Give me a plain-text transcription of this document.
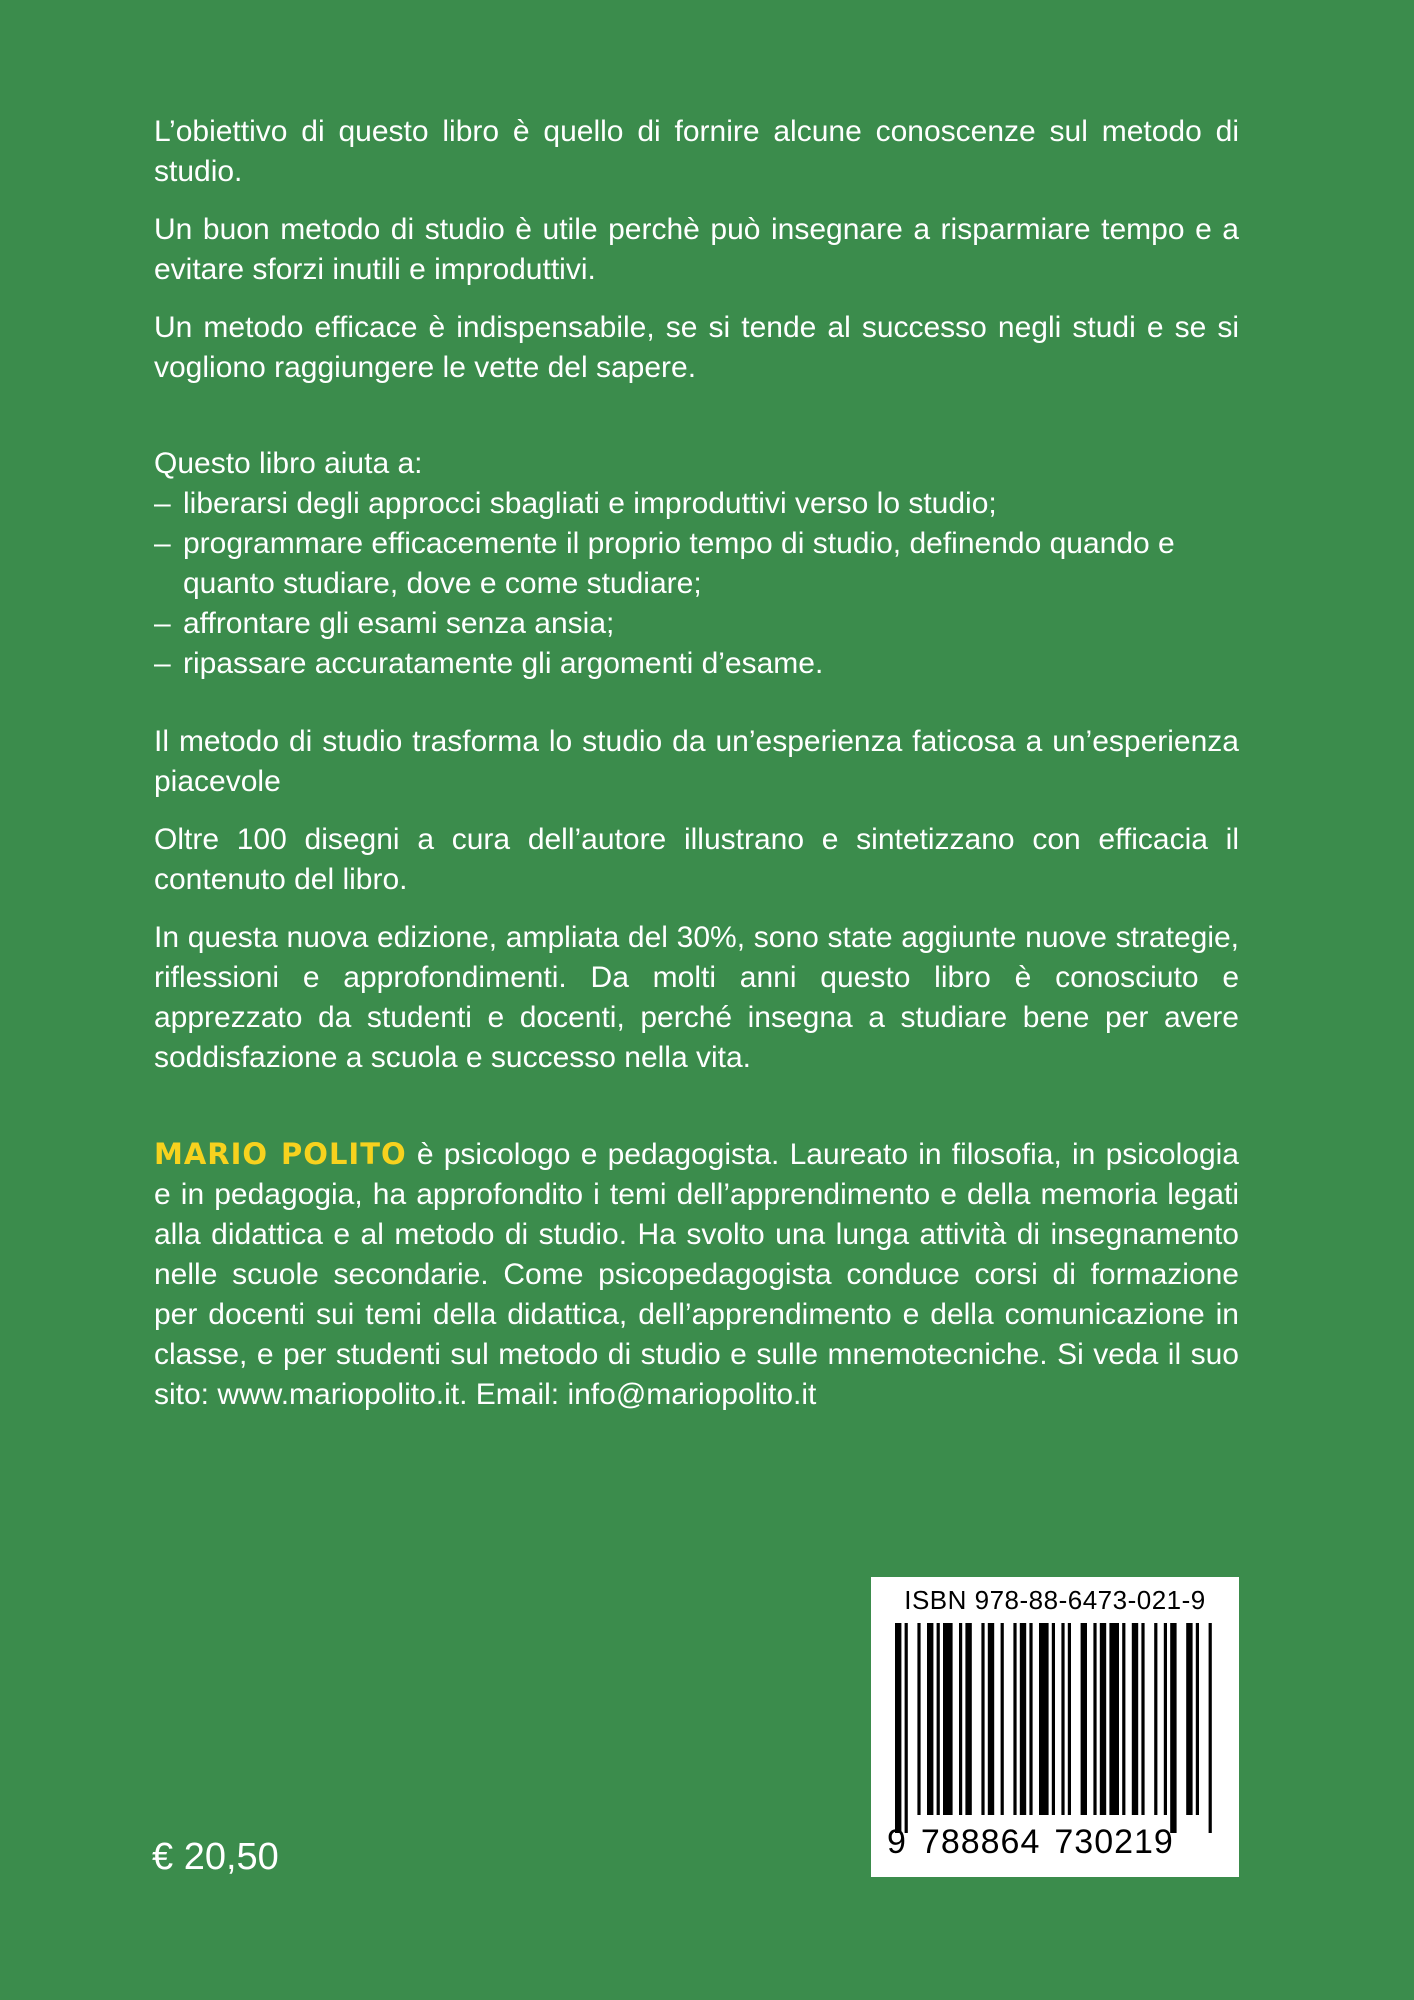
L’obiettivo di questo libro è quello di fornire alcune conoscenze sul metodo di studio.

Un buon metodo di studio è utile perchè può insegnare a risparmiare tempo e a evitare sforzi inutili e improduttivi.

Un metodo efficace è indispensabile, se si tende al successo negli studi e se si vogliono raggiungere le vette del sapere.

Questo libro aiuta a:
– liberarsi degli approcci sbagliati e improduttivi verso lo studio;
– programmare efficacemente il proprio tempo di studio, definendo quando e quanto studiare, dove e come studiare;
– affrontare gli esami senza ansia;
– ripassare accuratamente gli argomenti d’esame.

Il metodo di studio trasforma lo studio da un’esperienza faticosa a un’esperienza piacevole

Oltre 100 disegni a cura dell’autore illustrano e sintetizzano con efficacia il contenuto del libro.

In questa nuova edizione, ampliata del 30%, sono state aggiunte nuove strategie, riflessioni e approfondimenti. Da molti anni questo libro è conosciuto e apprezzato da studenti e docenti, perché insegna a studiare bene per avere soddisfazione a scuola e successo nella vita.

MARIO POLITO è psicologo e pedagogista. Laureato in filosofia, in psicologia e in pedagogia, ha approfondito i temi dell’apprendimento e della memoria legati alla didattica e al metodo di studio. Ha svolto una lunga attività di insegnamento nelle scuole secondarie. Come psicopedagogista conduce corsi di formazione per docenti sui temi della didattica, dell’apprendimento e della comunicazione in classe, e per studenti sul metodo di studio e sulle mnemotecniche. Si veda il suo sito: www.mariopolito.it. Email: info@mariopolito.it

€ 20,50
ISBN 978-88-6473-021-9
9 788864 730219
